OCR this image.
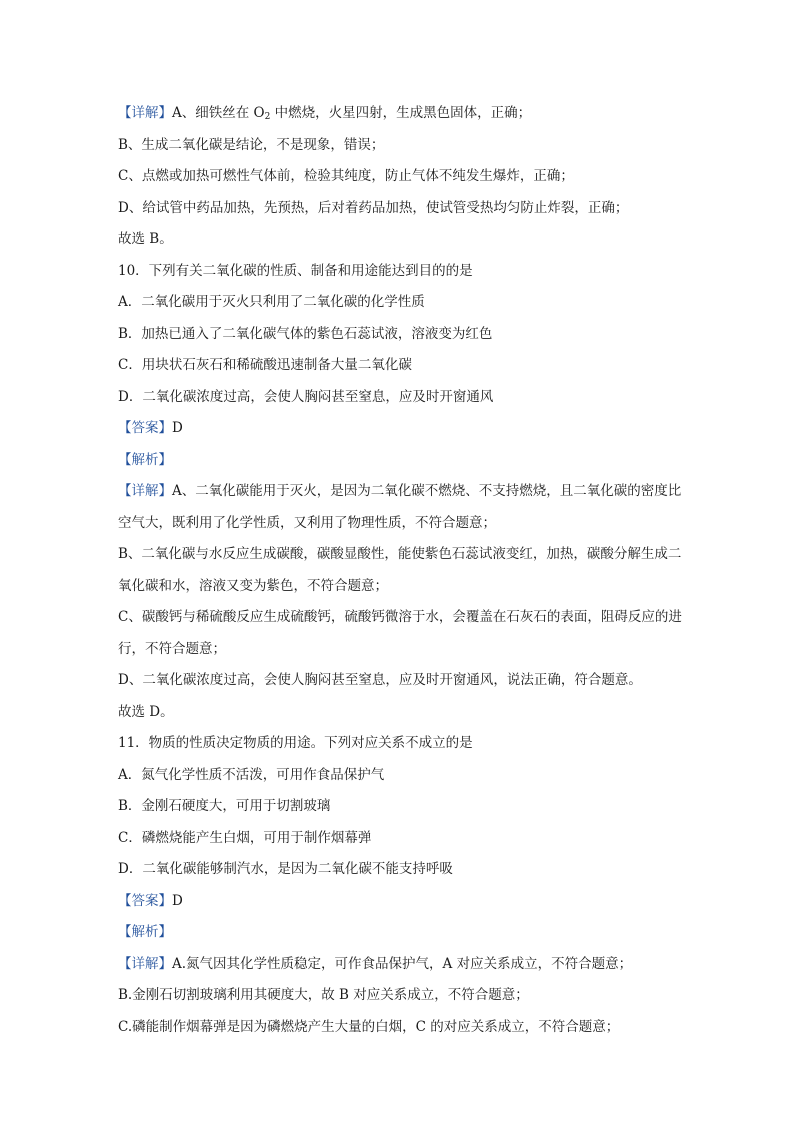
【详解】A、细铁丝在 $O_2$ 中燃烧，火星四射，生成黑色固体，正确；
B、生成二氧化碳是结论，不是现象，错误；
C、点燃或加热可燃性气体前，检验其纯度，防止气体不纯发生爆炸，正确；
D、给试管中药品加热，先预热，后对着药品加热，使试管受热均匀防止炸裂，正确；
故选 B。
10．下列有关二氧化碳的性质、制备和用途能达到目的的是
A．二氧化碳用于灭火只利用了二氧化碳的化学性质
B．加热已通入了二氧化碳气体的紫色石蕊试液，溶液变为红色
C．用块状石灰石和稀硫酸迅速制备大量二氧化碳
D．二氧化碳浓度过高，会使人胸闷甚至窒息，应及时开窗通风
【答案】D
【解析】
【详解】A、二氧化碳能用于灭火，是因为二氧化碳不燃烧、不支持燃烧，且二氧化碳的密度比空气大，既利用了化学性质，又利用了物理性质，不符合题意；
B、二氧化碳与水反应生成碳酸，碳酸显酸性，能使紫色石蕊试液变红，加热，碳酸分解生成二氧化碳和水，溶液又变为紫色，不符合题意；
C、碳酸钙与稀硫酸反应生成硫酸钙，硫酸钙微溶于水，会覆盖在石灰石的表面，阻碍反应的进行，不符合题意；
D、二氧化碳浓度过高，会使人胸闷甚至窒息，应及时开窗通风，说法正确，符合题意。
故选 D。
11．物质的性质决定物质的用途。下列对应关系不成立的是
A．氮气化学性质不活泼，可用作食品保护气
B．金刚石硬度大，可用于切割玻璃
C．磷燃烧能产生白烟，可用于制作烟幕弹
D．二氧化碳能够制汽水，是因为二氧化碳不能支持呼吸
【答案】D
【解析】
【详解】A.氮气因其化学性质稳定，可作食品保护气，A 对应关系成立，不符合题意；
B.金刚石切割玻璃利用其硬度大，故 B 对应关系成立，不符合题意；
C.磷能制作烟幕弹是因为磷燃烧产生大量的白烟，C 的对应关系成立，不符合题意；
